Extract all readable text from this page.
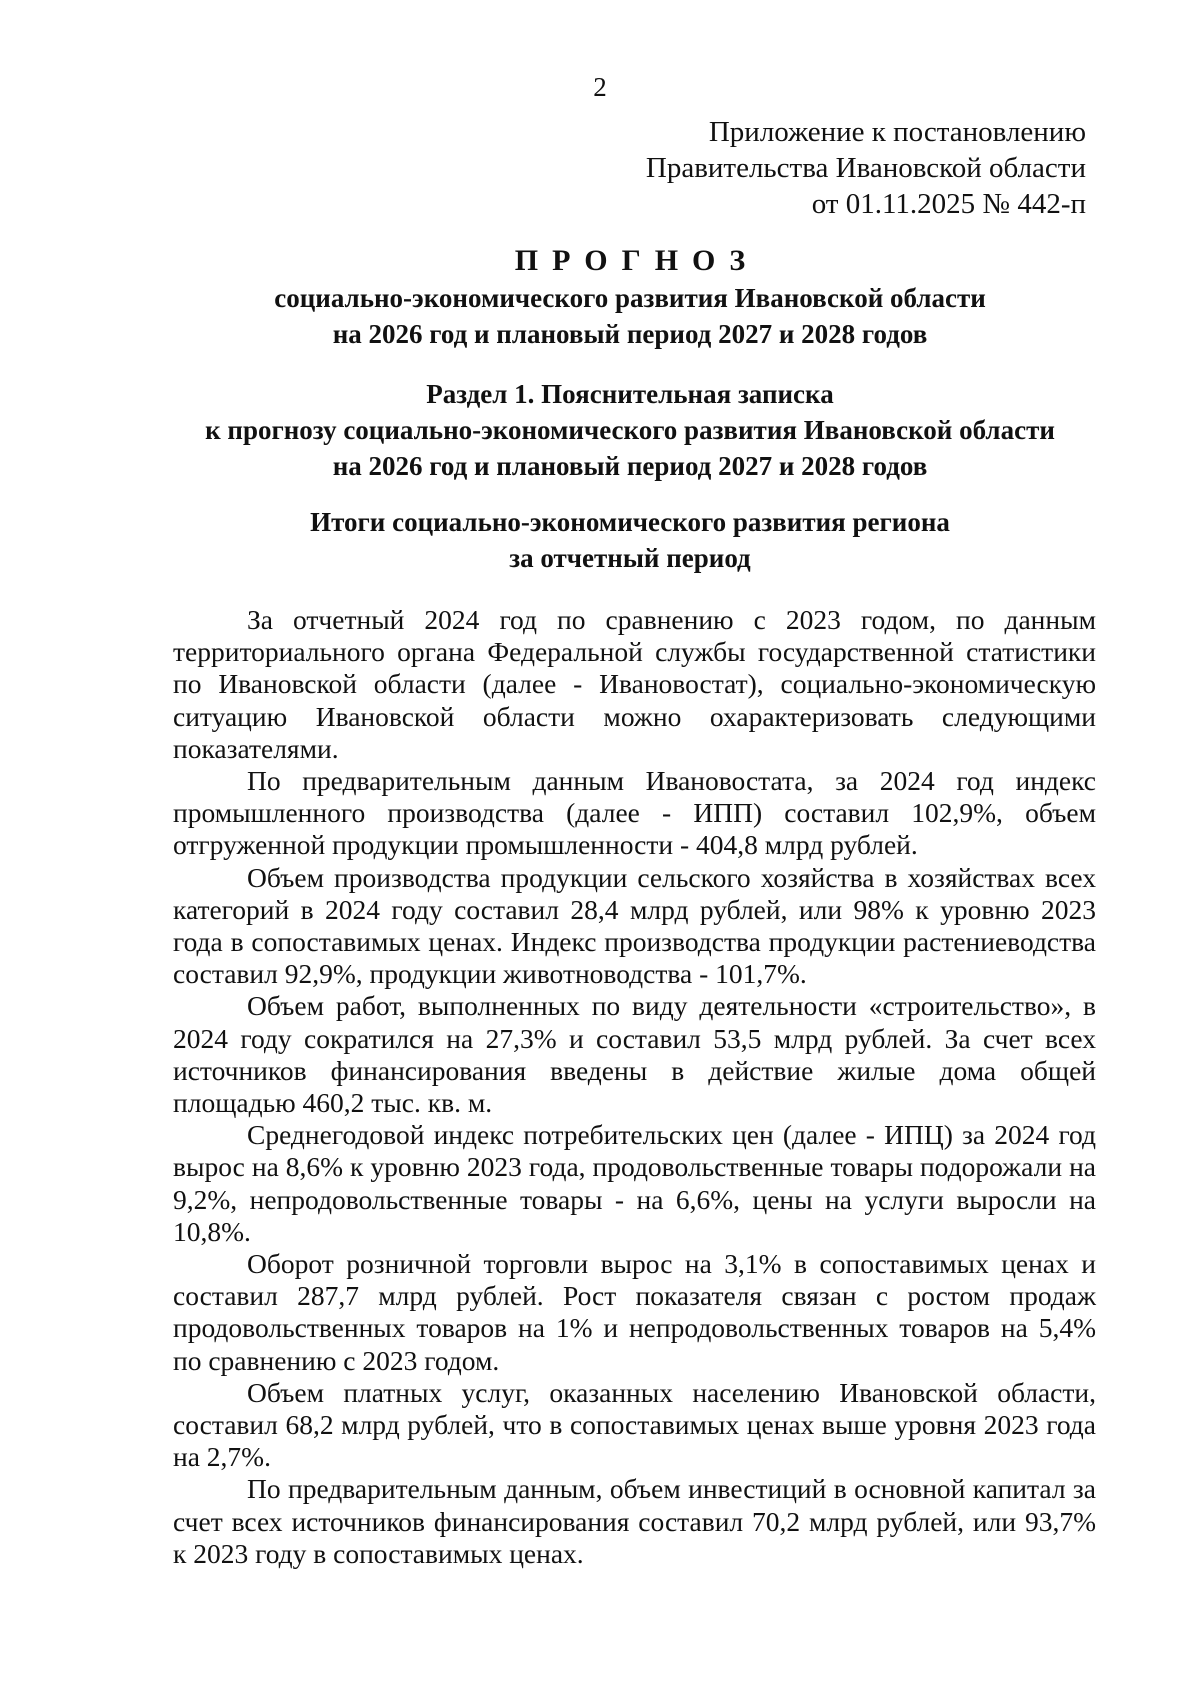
2
Приложение к постановлению
Правительства Ивановской области
от 01.11.2025 № 442-п
ПРОГНОЗ
социально-экономического развития Ивановской области
на 2026 год и плановый период 2027 и 2028 годов
Раздел 1. Пояснительная записка
к прогнозу социально-экономического развития Ивановской области
на 2026 год и плановый период 2027 и 2028 годов
Итоги социально-экономического развития региона
за отчетный период

За отчетный 2024 год по сравнению с 2023 годом, по данным территориального органа Федеральной службы государственной статистики по Ивановской области (далее - Ивановостат), социально-экономическую ситуацию Ивановской области можно охарактеризовать следующими показателями.

По предварительным данным Ивановостата, за 2024 год индекс промышленного производства (далее - ИПП) составил 102,9%, объем отгруженной продукции промышленности - 404,8 млрд рублей.

Объем производства продукции сельского хозяйства в хозяйствах всех категорий в 2024 году составил 28,4 млрд рублей, или 98% к уровню 2023 года в сопоставимых ценах. Индекс производства продукции растениеводства составил 92,9%, продукции животноводства - 101,7%.

Объем работ, выполненных по виду деятельности «строительство», в 2024 году сократился на 27,3% и составил 53,5 млрд рублей. За счет всех источников финансирования введены в действие жилые дома общей площадью 460,2 тыс. кв. м.

Среднегодовой индекс потребительских цен (далее - ИПЦ) за 2024 год вырос на 8,6% к уровню 2023 года, продовольственные товары подорожали на 9,2%, непродовольственные товары - на 6,6%, цены на услуги выросли на 10,8%.

Оборот розничной торговли вырос на 3,1% в сопоставимых ценах и составил 287,7 млрд рублей. Рост показателя связан с ростом продаж продовольственных товаров на 1% и непродовольственных товаров на 5,4% по сравнению с 2023 годом.

Объем платных услуг, оказанных населению Ивановской области, составил 68,2 млрд рублей, что в сопоставимых ценах выше уровня 2023 года на 2,7%.

По предварительным данным, объем инвестиций в основной капитал за счет всех источников финансирования составил 70,2 млрд рублей, или 93,7% к 2023 году в сопоставимых ценах.
